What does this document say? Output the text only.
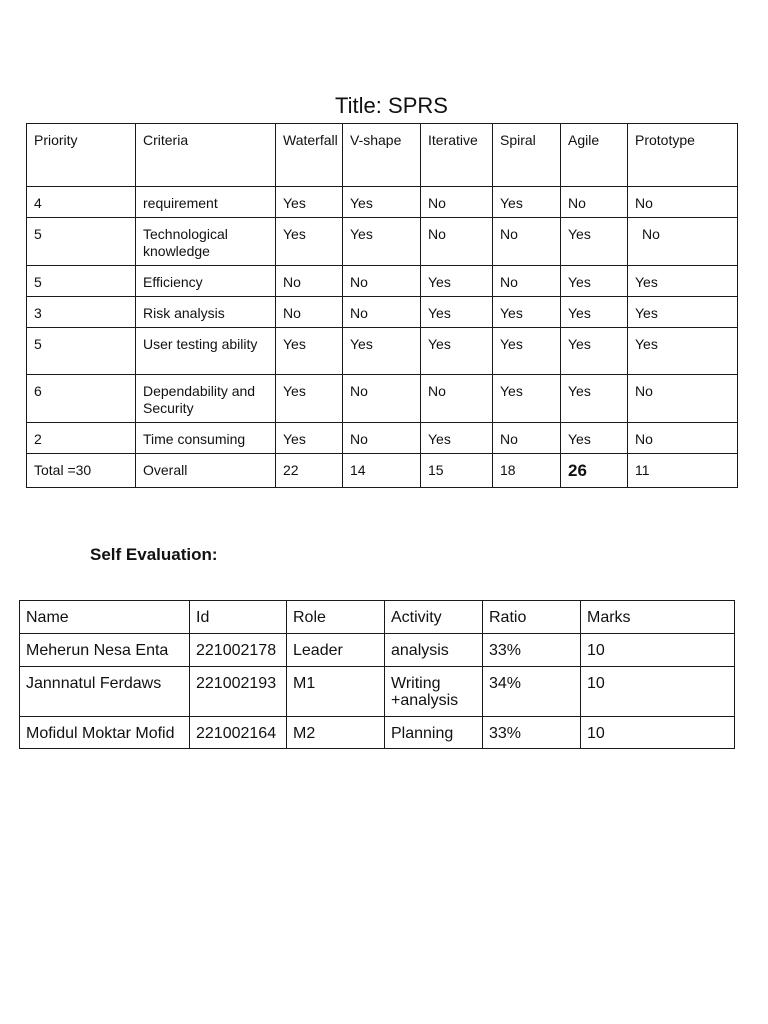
Title: SPRS
Priority	Criteria	Waterfall	V-shape	Iterative	Spiral	Agile	Prototype
4	requirement	Yes	Yes	No	Yes	No	No
5	Technological knowledge	Yes	Yes	No	No	Yes	No
5	Efficiency	No	No	Yes	No	Yes	Yes
3	Risk analysis	No	No	Yes	Yes	Yes	Yes
5	User testing ability	Yes	Yes	Yes	Yes	Yes	Yes
6	Dependability and Security	Yes	No	No	Yes	Yes	No
2	Time consuming	Yes	No	Yes	No	Yes	No
Total =30	Overall	22	14	15	18	26	11
Self Evaluation:
Name	Id	Role	Activity	Ratio	Marks
Meherun Nesa Enta	221002178	Leader	analysis	33%	10
Jannnatul Ferdaws	221002193	M1	Writing +analysis	34%	10
Mofidul Moktar Mofid	221002164	M2	Planning	33%	10
